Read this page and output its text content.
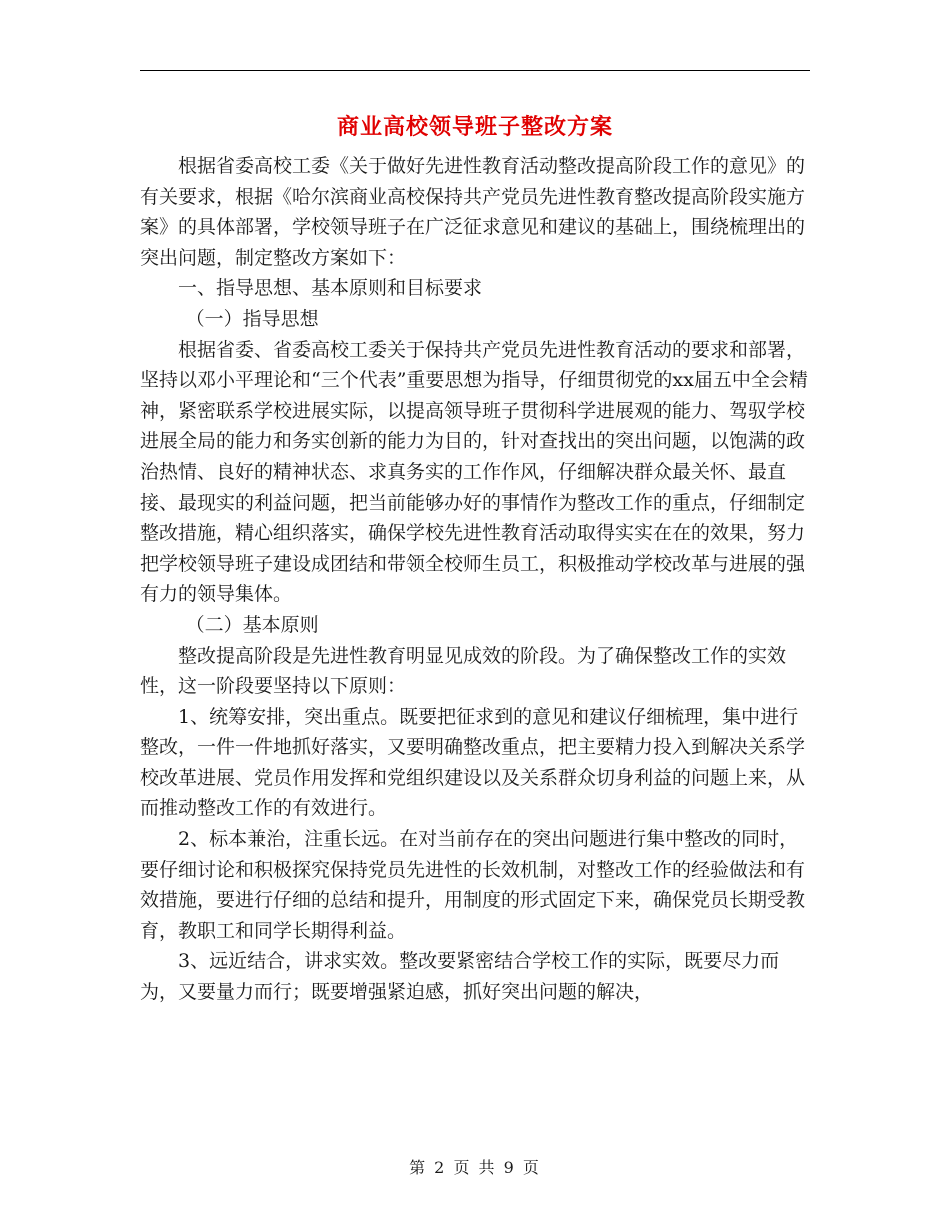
商业高校领导班子整改方案

根据省委高校工委《关于做好先进性教育活动整改提高阶段工作的意见》的有关要求，根据《哈尔滨商业高校保持共产党员先进性教育整改提高阶段实施方案》的具体部署，学校领导班子在广泛征求意见和建议的基础上，围绕梳理出的突出问题，制定整改方案如下：

一、指导思想、基本原则和目标要求

（一）指导思想

根据省委、省委高校工委关于保持共产党员先进性教育活动的要求和部署，坚持以邓小平理论和“三个代表”重要思想为指导，仔细贯彻党的xx届五中全会精神，紧密联系学校进展实际，以提高领导班子贯彻科学进展观的能力、驾驭学校进展全局的能力和务实创新的能力为目的，针对查找出的突出问题，以饱满的政治热情、良好的精神状态、求真务实的工作作风，仔细解决群众最关怀、最直接、最现实的利益问题，把当前能够办好的事情作为整改工作的重点，仔细制定整改措施，精心组织落实，确保学校先进性教育活动取得实实在在的效果，努力把学校领导班子建设成团结和带领全校师生员工，积极推动学校改革与进展的强有力的领导集体。

（二）基本原则

整改提高阶段是先进性教育明显见成效的阶段。为了确保整改工作的实效性，这一阶段要坚持以下原则：

1、统筹安排，突出重点。既要把征求到的意见和建议仔细梳理，集中进行整改，一件一件地抓好落实，又要明确整改重点，把主要精力投入到解决关系学校改革进展、党员作用发挥和党组织建设以及关系群众切身利益的问题上来，从而推动整改工作的有效进行。

2、标本兼治，注重长远。在对当前存在的突出问题进行集中整改的同时，要仔细讨论和积极探究保持党员先进性的长效机制，对整改工作的经验做法和有效措施，要进行仔细的总结和提升，用制度的形式固定下来，确保党员长期受教育，教职工和同学长期得利益。

3、远近结合，讲求实效。整改要紧密结合学校工作的实际，既要尽力而为，又要量力而行；既要增强紧迫感，抓好突出问题的解决，

第 2 页 共 9 页
